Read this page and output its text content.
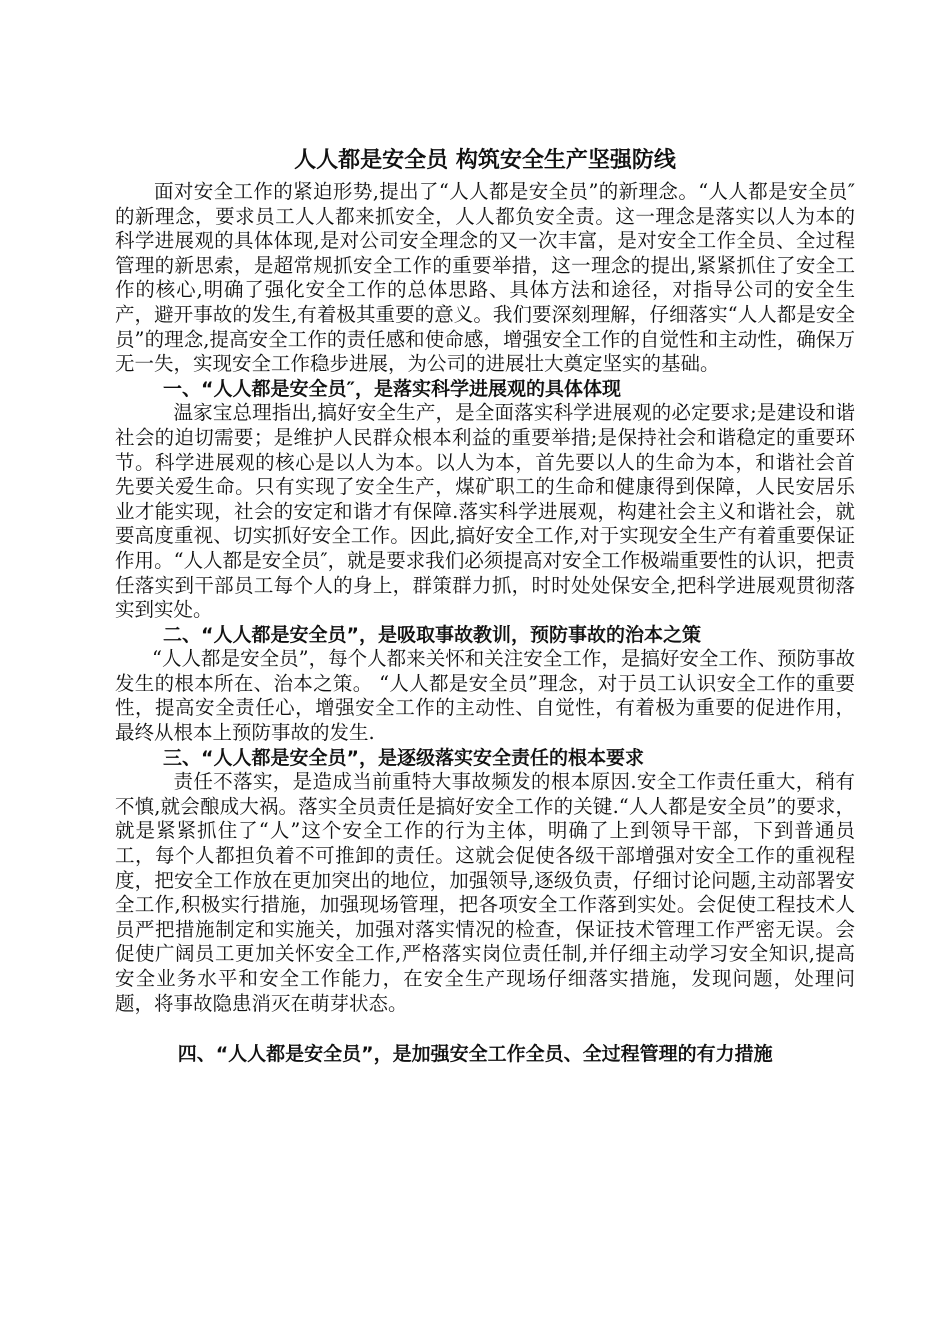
人人都是安全员 构筑安全生产坚强防线

面对安全工作的紧迫形势,提出了“人人都是安全员”的新理念。“人人都是安全员″的新理念，要求员工人人都来抓安全，人人都负安全责。这一理念是落实以人为本的科学进展观的具体体现,是对公司安全理念的又一次丰富，是对安全工作全员、全过程管理的新思索，是超常规抓安全工作的重要举措，这一理念的提出,紧紧抓住了安全工作的核心,明确了强化安全工作的总体思路、具体方法和途径，对指导公司的安全生产，避开事故的发生,有着极其重要的意义。我们要深刻理解，仔细落实“人人都是安全员”的理念,提高安全工作的责任感和使命感，增强安全工作的自觉性和主动性，确保万无一失，实现安全工作稳步进展，为公司的进展壮大奠定坚实的基础。

一、“人人都是安全员″，是落实科学进展观的具体体现

温家宝总理指出,搞好安全生产，是全面落实科学进展观的必定要求;是建设和谐社会的迫切需要；是维护人民群众根本利益的重要举措;是保持社会和谐稳定的重要环节。科学进展观的核心是以人为本。以人为本，首先要以人的生命为本，和谐社会首先要关爱生命。只有实现了安全生产，煤矿职工的生命和健康得到保障，人民安居乐业才能实现，社会的安定和谐才有保障.落实科学进展观，构建社会主义和谐社会，就要高度重视、切实抓好安全工作。因此,搞好安全工作,对于实现安全生产有着重要保证作用。“人人都是安全员″，就是要求我们必须提高对安全工作极端重要性的认识，把责任落实到干部员工每个人的身上，群策群力抓，时时处处保安全,把科学进展观贯彻落实到实处。

二、“人人都是安全员”，是吸取事故教训，预防事故的治本之策

“人人都是安全员”，每个人都来关怀和关注安全工作，是搞好安全工作、预防事故发生的根本所在、治本之策。 “人人都是安全员”理念，对于员工认识安全工作的重要性，提高安全责任心，增强安全工作的主动性、自觉性，有着极为重要的促进作用，最终从根本上预防事故的发生.

三、“人人都是安全员”，是逐级落实安全责任的根本要求

责任不落实，是造成当前重特大事故频发的根本原因.安全工作责任重大，稍有不慎,就会酿成大祸。落实全员责任是搞好安全工作的关键.“人人都是安全员”的要求，就是紧紧抓住了“人”这个安全工作的行为主体，明确了上到领导干部，下到普通员工，每个人都担负着不可推卸的责任。这就会促使各级干部增强对安全工作的重视程度，把安全工作放在更加突出的地位，加强领导,逐级负责，仔细讨论问题,主动部署安全工作,积极实行措施，加强现场管理，把各项安全工作落到实处。会促使工程技术人员严把措施制定和实施关，加强对落实情况的检查，保证技术管理工作严密无误。会促使广阔员工更加关怀安全工作,严格落实岗位责任制,并仔细主动学习安全知识,提高安全业务水平和安全工作能力，在安全生产现场仔细落实措施，发现问题，处理问题，将事故隐患消灭在萌芽状态。

四、“人人都是安全员”，是加强安全工作全员、全过程管理的有力措施
